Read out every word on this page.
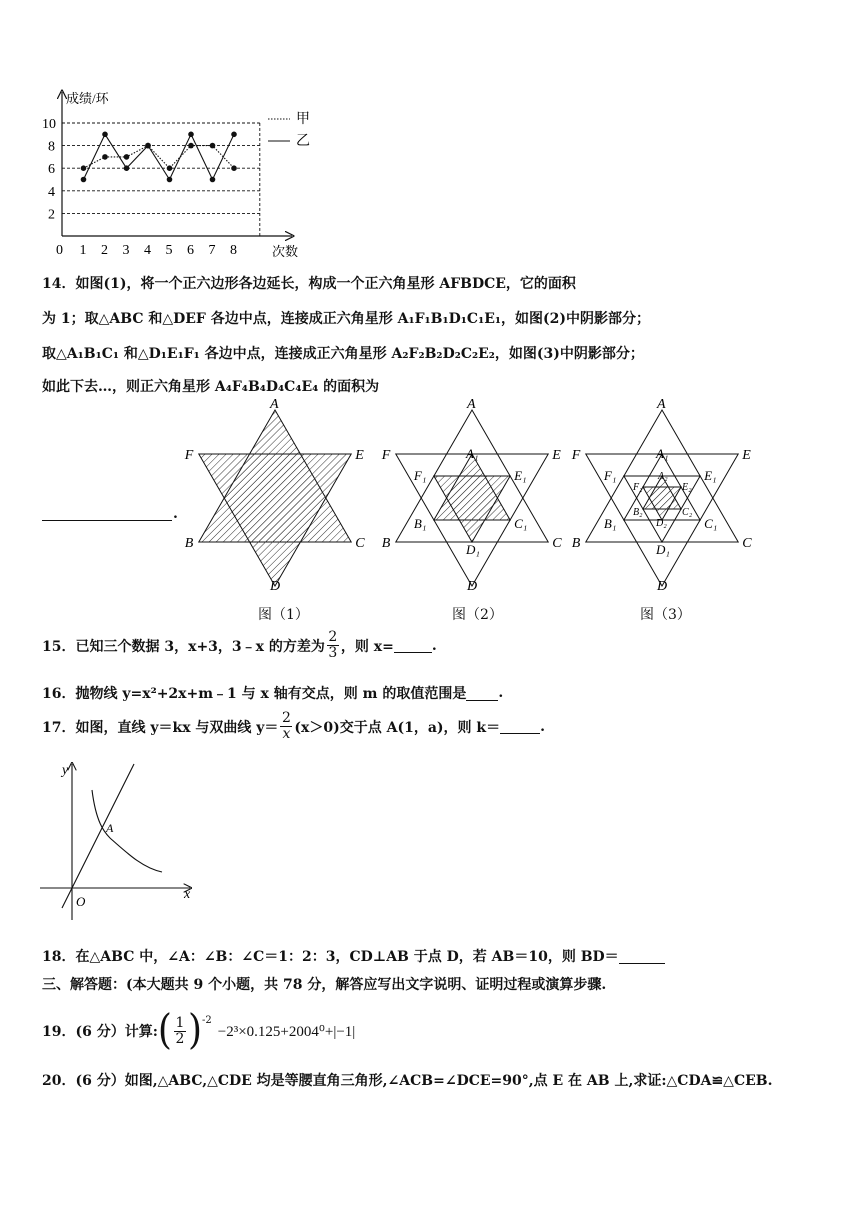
10
8
6
4
2
0 1 2 3 4 5 6 7 8
成绩/环
次数
甲
乙
14．如图(1)，将一个正六边形各边延长，构成一个正六角星形 AFBDCE，它的面积
为 1；取△ABC 和△DEF 各边中点，连接成正六角星形 A₁F₁B₁D₁C₁E₁，如图(2)中阴影部分；
取△A₁B₁C₁ 和△D₁E₁F₁ 各边中点，连接成正六角星形 A₂F₂B₂D₂C₂E₂，如图(3)中阴影部分；
如此下去…，则正六角星形 A₄F₄B₄D₄C₄E₄ 的面积为
.
A
D
F	E
B	C
A
D
F	E
B	C
A
D
F	E
B	C
A₁
D₁
F₁	E₁
B₁	C₁
A₁
D₁
F₁	E₁
B₁	C₁
A₂
D₂
F₂	E₂
B₂	C₂
图（1）	图（2）	图（3）
15．已知三个数据 3，x+3，3﹣x 的方差为 $\frac{2}{3}$ ，则 x=	.
16．抛物线 y=x²+2x+m﹣1 与 x 轴有交点，则 m 的取值范围是 .
17．如图，直线 y＝kx 与双曲线 $y= \frac{2}{x} (x>0)$交于点 A(1，a)，则 k＝	.
y
x
O
A
18．在△ABC 中，∠A：∠B：∠C＝1：2：3，CD⊥AB 于点 D，若 AB＝10，则 BD＝
三、解答题：(本大题共 9 个小题，共 78 分，解答应写出文字说明、证明过程或演算步骤.
19．(6 分）计算: ( $\frac{1}{2}$ ) -2
−2³×0.125+2004⁰+|−1|
20．(6 分）如图,△ABC,△CDE 均是等腰直角三角形,∠ACB=∠DCE=90°,点 E 在 AB 上,求证:△CDA≌△CEB.
